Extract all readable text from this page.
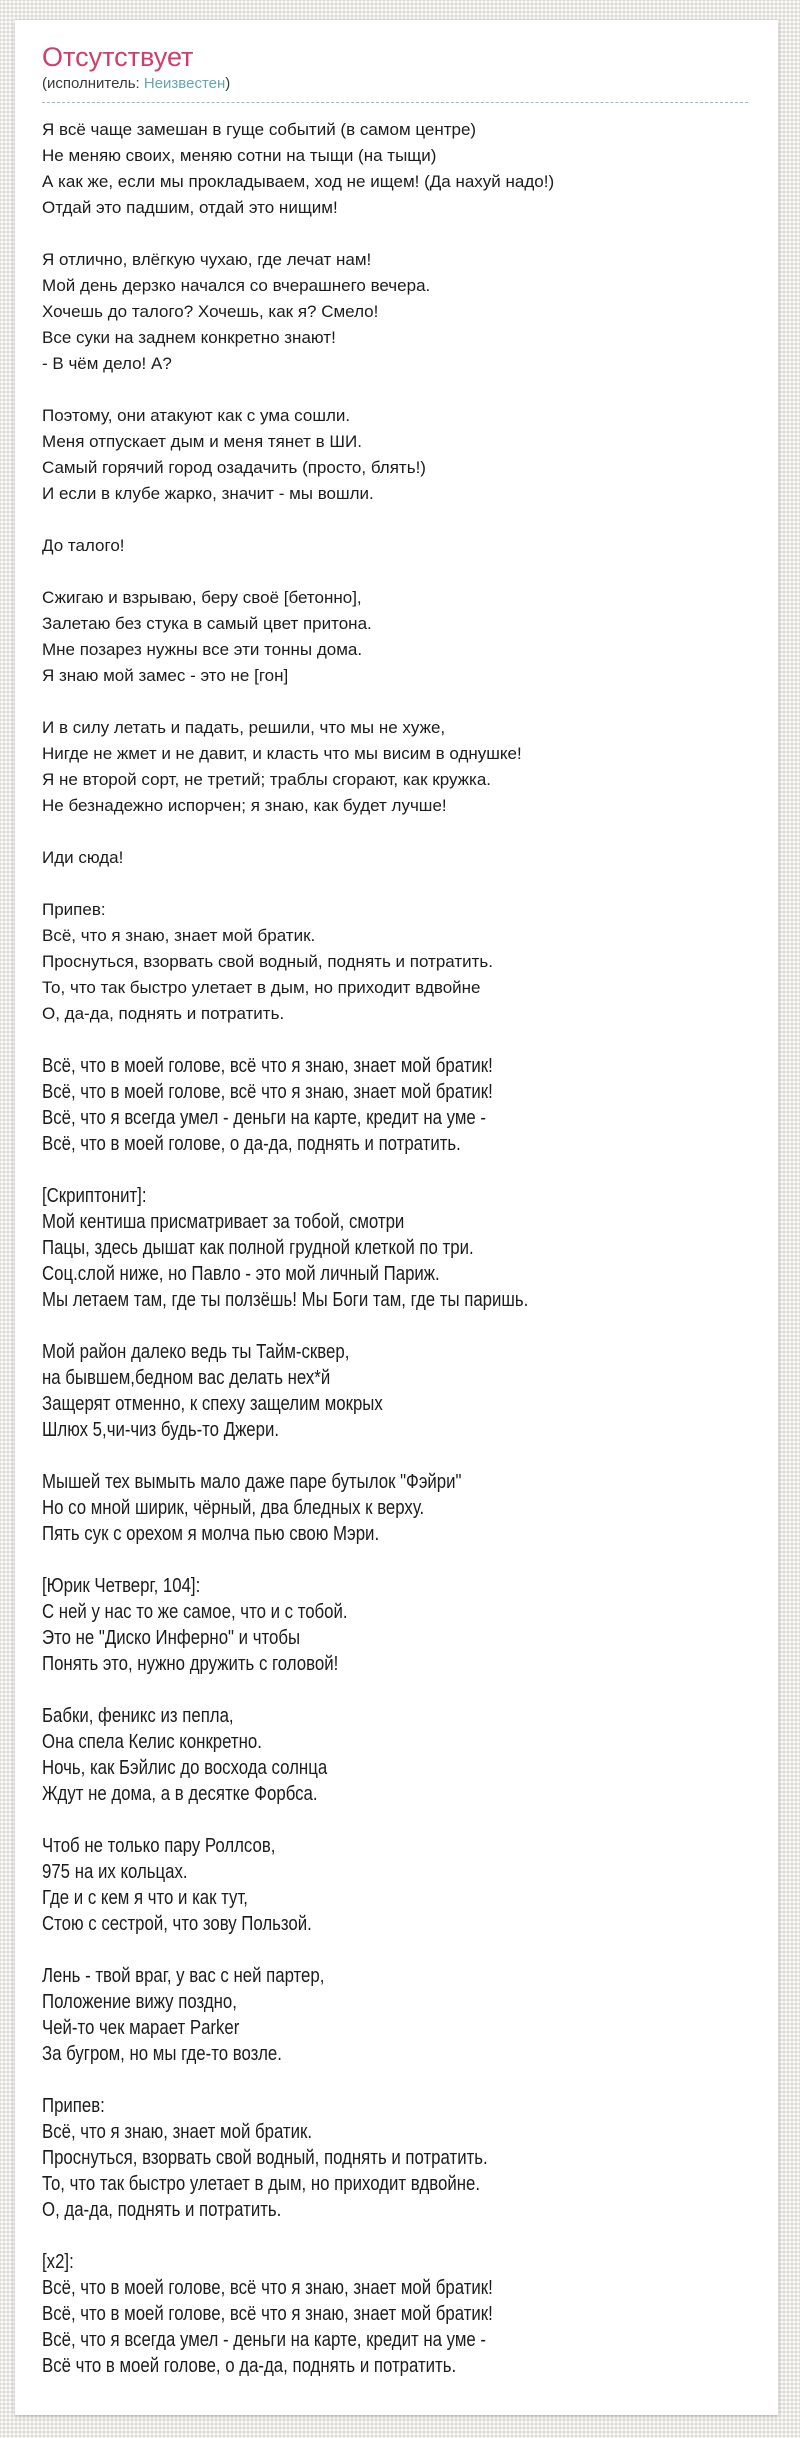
Отсутствует
(исполнитель: Неизвестен)

Я всё чаще замешан в гуще событий (в самом центре)
Не меняю своих, меняю сотни на тыщи (на тыщи)
А как же, если мы прокладываем, ход не ищем! (Да нахуй надо!)
Отдай это падшим, отдай это нищим!

Я отлично, влёгкую чухаю, где лечат нам!
Мой день дерзко начался со вчерашнего вечера.
Хочешь до талого? Хочешь, как я? Смело!
Все суки на заднем конкретно знают!
- В чём дело! А?

Поэтому, они атакуют как с ума сошли.
Меня отпускает дым и меня тянет в ШИ.
Самый горячий город озадачить (просто, блять!)
И если в клубе жарко, значит - мы вошли.

До талого!

Сжигаю и взрываю, беру своё [бетонно],
Залетаю без стука в самый цвет притона.
Мне позарез нужны все эти тонны дома.
Я знаю мой замес - это не [гон]

И в силу летать и падать, решили, что мы не хуже,
Нигде не жмет и не давит, и класть что мы висим в однушке!
Я не второй сорт, не третий; траблы сгорают, как кружка.
Не безнадежно испорчен; я знаю, как будет лучше!

Иди сюда!

Припев:
Всё, что я знаю, знает мой братик.
Проснуться, взорвать свой водный, поднять и потратить.
То, что так быстро улетает в дым, но приходит вдвойне
О, да-да, поднять и потратить.

Всё, что в моей голове, всё что я знаю, знает мой братик!
Всё, что в моей голове, всё что я знаю, знает мой братик!
Всё, что я всегда умел - деньги на карте, кредит на уме -
Всё, что в моей голове, о да-да, поднять и потратить.

[Скриптонит]:
Мой кентиша присматривает за тобой, смотри
Пацы, здесь дышат как полной грудной клеткой по три.
Соц.слой ниже, но Павло - это мой личный Париж.
Мы летаем там, где ты ползёшь! Мы Боги там, где ты паришь.

Мой район далеко ведь ты Тайм-сквер,
на бывшем,бедном вас делать нех*й
Защерят отменно, к спеху защелим мокрых
Шлюх 5,чи-чиз будь-то Джери.

Мышей тех вымыть мало даже паре бутылок "Фэйри"
Но со мной ширик, чёрный, два бледных к верху.
Пять сук с орехом я молча пью свою Мэри.

[Юрик Четверг, 104]:
С ней у нас то же самое, что и с тобой.
Это не "Диско Инферно" и чтобы
Понять это, нужно дружить с головой!

Бабки, феникс из пепла,
Она спела Келис конкретно.
Ночь, как Бэйлис до восхода солнца
Ждут не дома, а в десятке Форбса.

Чтоб не только пару Роллсов,
975 на их кольцах.
Где и с кем я что и как тут,
Стою с сестрой, что зову Пользой.

Лень - твой враг, у вас с ней партер,
Положение вижу поздно,
Чей-то чек марает Parker
За бугром, но мы где-то возле.

Припев:
Всё, что я знаю, знает мой братик.
Проснуться, взорвать свой водный, поднять и потратить.
То, что так быстро улетает в дым, но приходит вдвойне.
О, да-да, поднять и потратить.

[х2]:
Всё, что в моей голове, всё что я знаю, знает мой братик!
Всё, что в моей голове, всё что я знаю, знает мой братик!
Всё, что я всегда умел - деньги на карте, кредит на уме -
Всё что в моей голове, о да-да, поднять и потратить.
